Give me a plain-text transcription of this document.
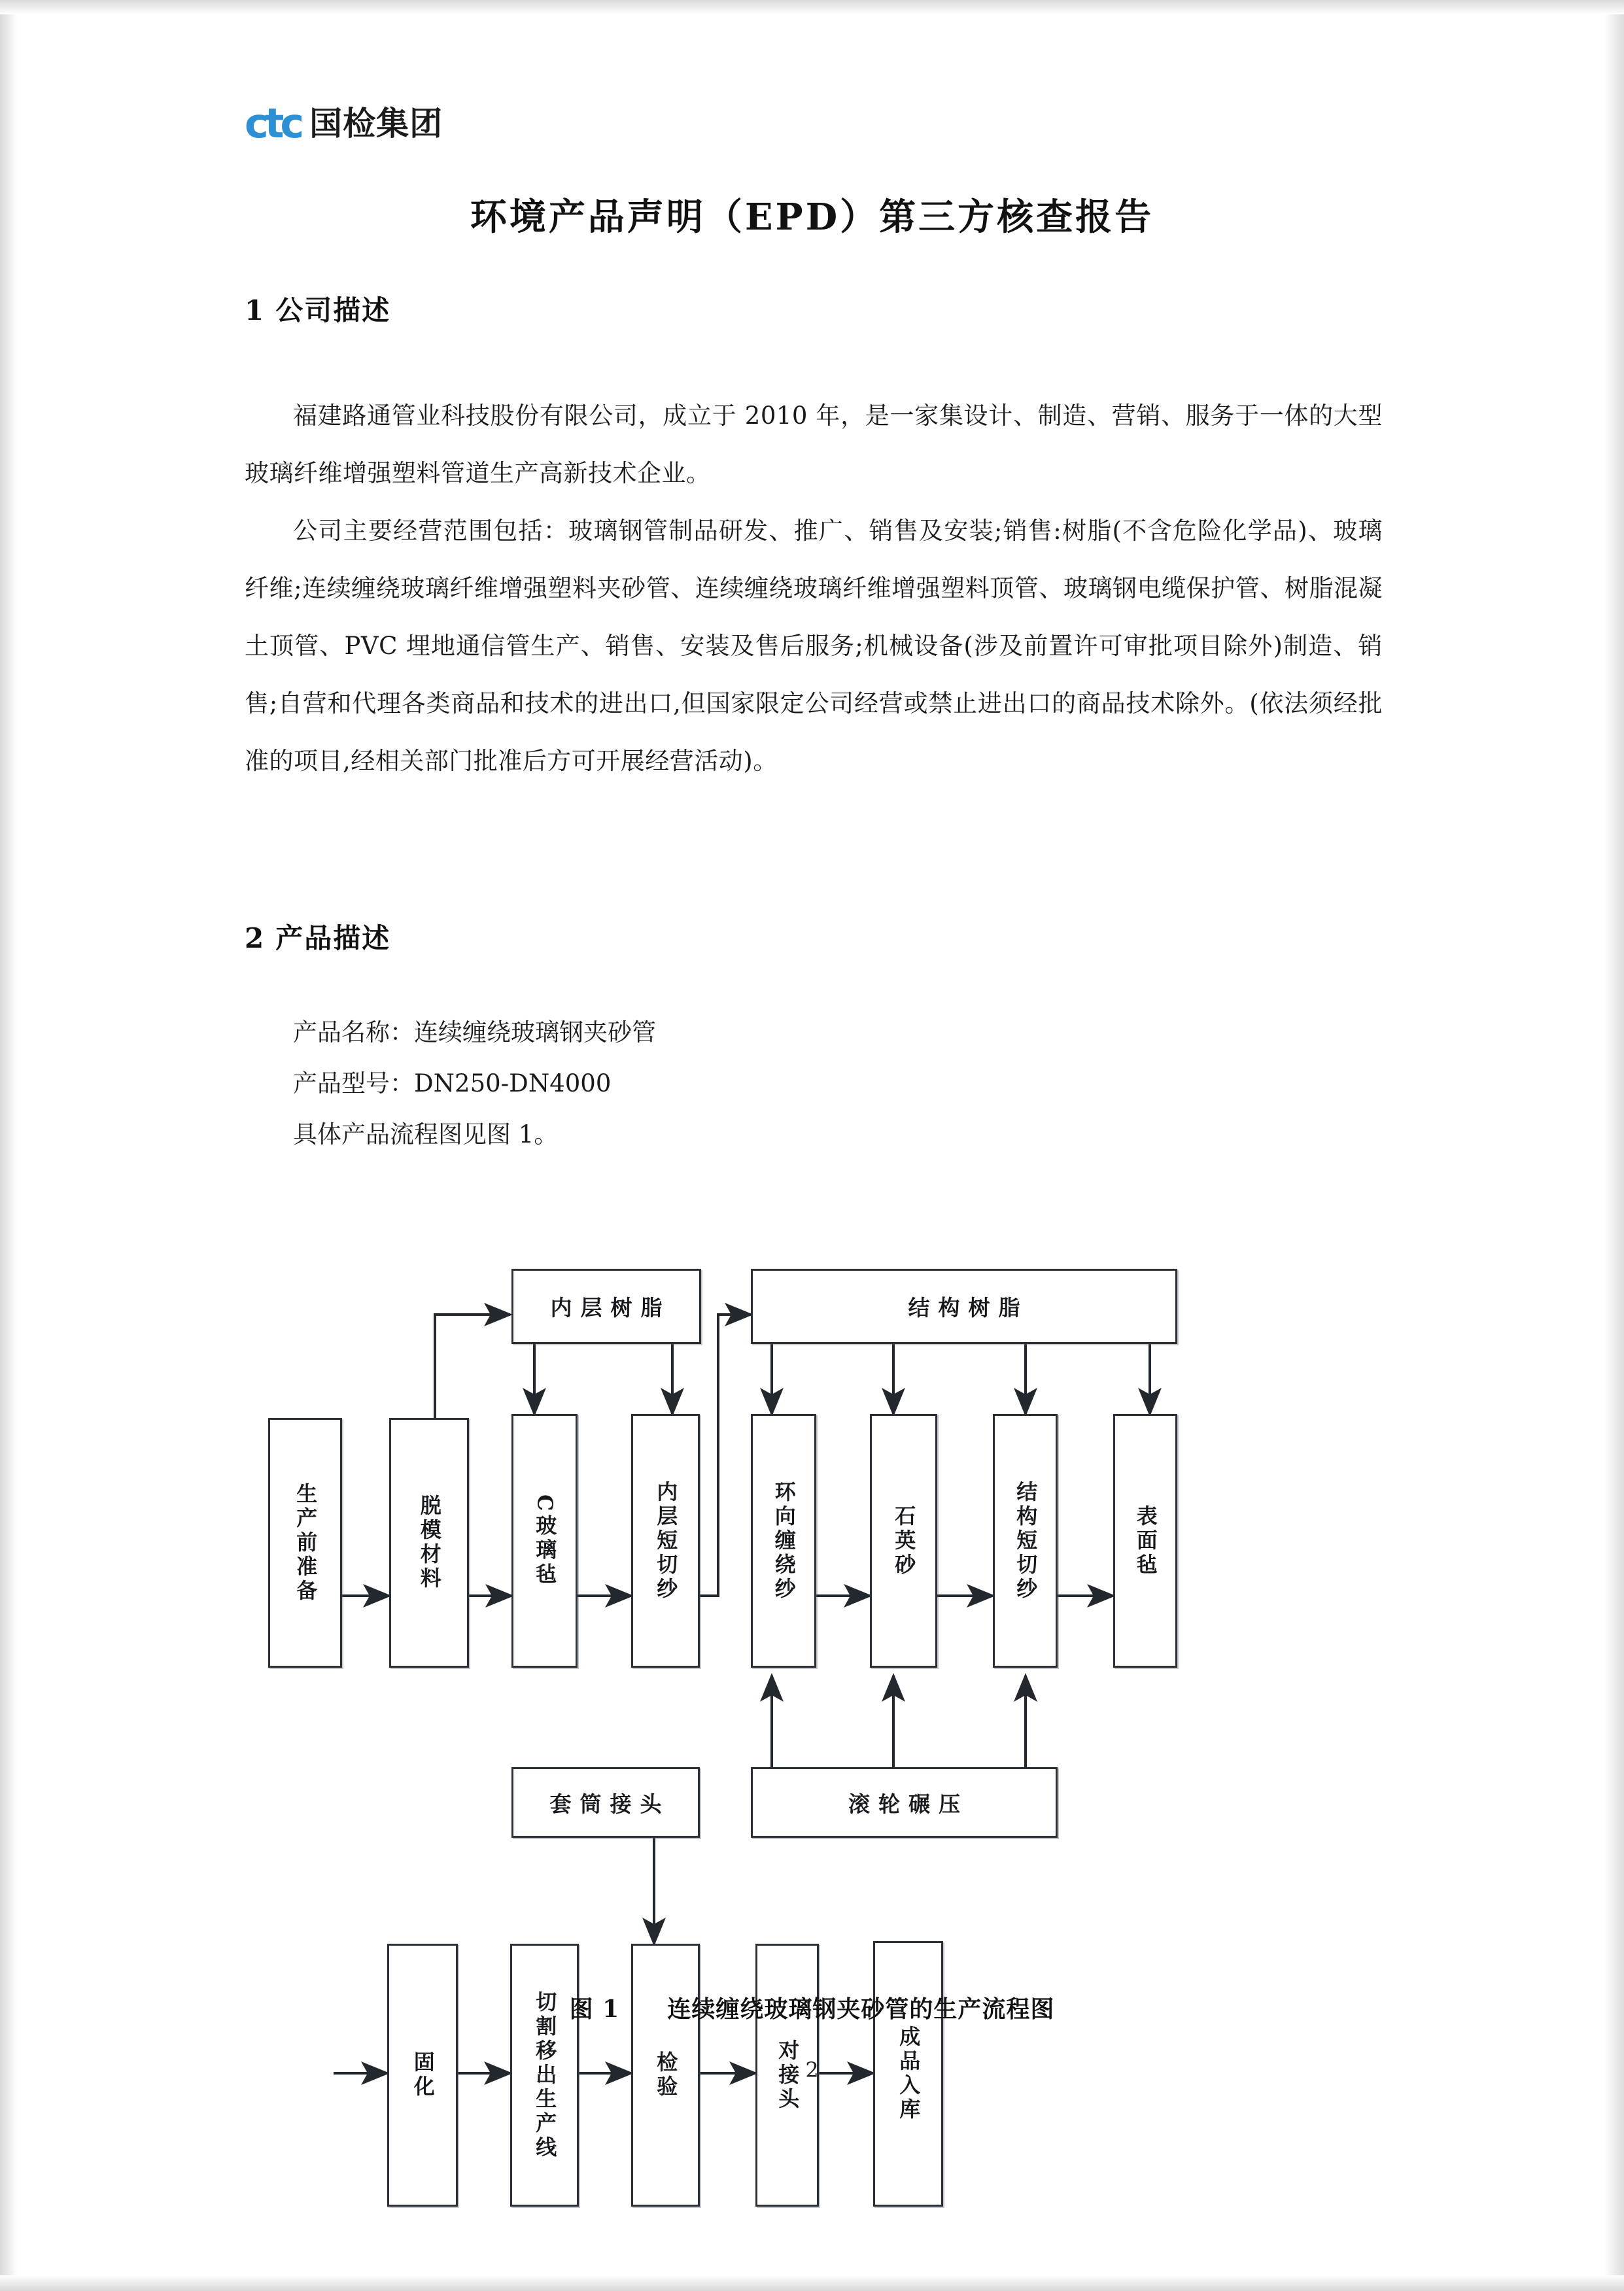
ctc 国检集团
环境产品声明（EPD）第三方核查报告
1 公司描述

福建路通管业科技股份有限公司，成立于 2010 年，是一家集设计、制造、营销、服务于一体的大型玻璃纤维增强塑料管道生产高新技术企业。

公司主要经营范围包括：玻璃钢管制品研发、推广、销售及安装;销售:树脂(不含危险化学品)、玻璃纤维;连续缠绕玻璃纤维增强塑料夹砂管、连续缠绕玻璃纤维增强塑料顶管、玻璃钢电缆保护管、树脂混凝土顶管、PVC 埋地通信管生产、销售、安装及售后服务;机械设备(涉及前置许可审批项目除外)制造、销售;自营和代理各类商品和技术的进出口,但国家限定公司经营或禁止进出口的商品技术除外。(依法须经批准的项目,经相关部门批准后方可开展经营活动)。

2 产品描述
产品名称：连续缠绕玻璃钢夹砂管
产品型号：DN250-DN4000
具体产品流程图见图 1。
内层树脂	结构树脂
生产前准备	脱模材料	C玻璃毡	内层短切纱	环向缠绕纱	石英砂	结构短切纱	表面毡
套筒接头	滚轮碾压
固化	切割移出生产线	检验	对接头	成品入库
图 1 连续缠绕玻璃钢夹砂管的生产流程图
2
